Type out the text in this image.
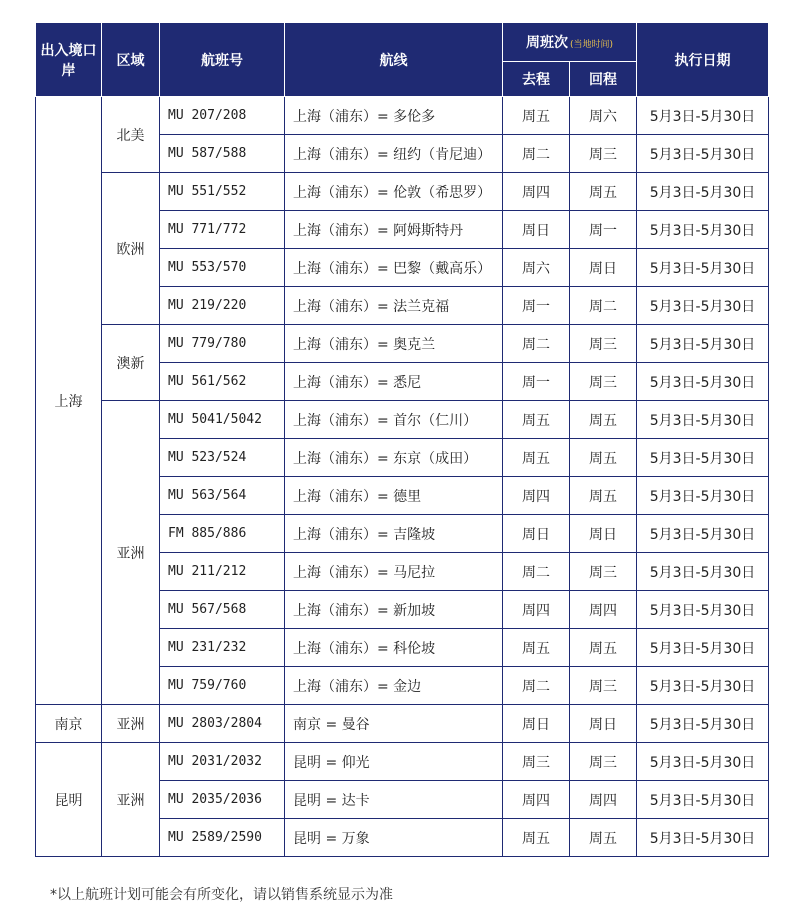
出入境口岸	区域	航班号	航线	周班次 (当地时间)		执行日期
				去程	回程	
上海	北美	MU 207/208	上海（浦东）= 多伦多	周五	周六	5月3日-5月30日
		MU 587/588	上海（浦东）= 纽约（肯尼迪）	周二	周三	5月3日-5月30日
	欧洲	MU 551/552	上海（浦东）= 伦敦（希思罗）	周四	周五	5月3日-5月30日
		MU 771/772	上海（浦东）= 阿姆斯特丹	周日	周一	5月3日-5月30日
		MU 553/570	上海（浦东）= 巴黎（戴高乐）	周六	周日	5月3日-5月30日
		MU 219/220	上海（浦东）= 法兰克福	周一	周二	5月3日-5月30日
	澳新	MU 779/780	上海（浦东）= 奥克兰	周二	周三	5月3日-5月30日
		MU 561/562	上海（浦东）= 悉尼	周一	周三	5月3日-5月30日
	亚洲	MU 5041/5042	上海（浦东）= 首尔（仁川）	周五	周五	5月3日-5月30日
		MU 523/524	上海（浦东）= 东京（成田）	周五	周五	5月3日-5月30日
		MU 563/564	上海（浦东）= 德里	周四	周五	5月3日-5月30日
		FM 885/886	上海（浦东）= 吉隆坡	周日	周日	5月3日-5月30日
		MU 211/212	上海（浦东）= 马尼拉	周二	周三	5月3日-5月30日
		MU 567/568	上海（浦东）= 新加坡	周四	周四	5月3日-5月30日
		MU 231/232	上海（浦东）= 科伦坡	周五	周五	5月3日-5月30日
		MU 759/760	上海（浦东）= 金边	周二	周三	5月3日-5月30日
南京	亚洲	MU 2803/2804	南京 = 曼谷	周日	周日	5月3日-5月30日
昆明	亚洲	MU 2031/2032	昆明 = 仰光	周三	周三	5月3日-5月30日
		MU 2035/2036	昆明 = 达卡	周四	周四	5月3日-5月30日
		MU 2589/2590	昆明 = 万象	周五	周五	5月3日-5月30日
*以上航班计划可能会有所变化，请以销售系统显示为准
